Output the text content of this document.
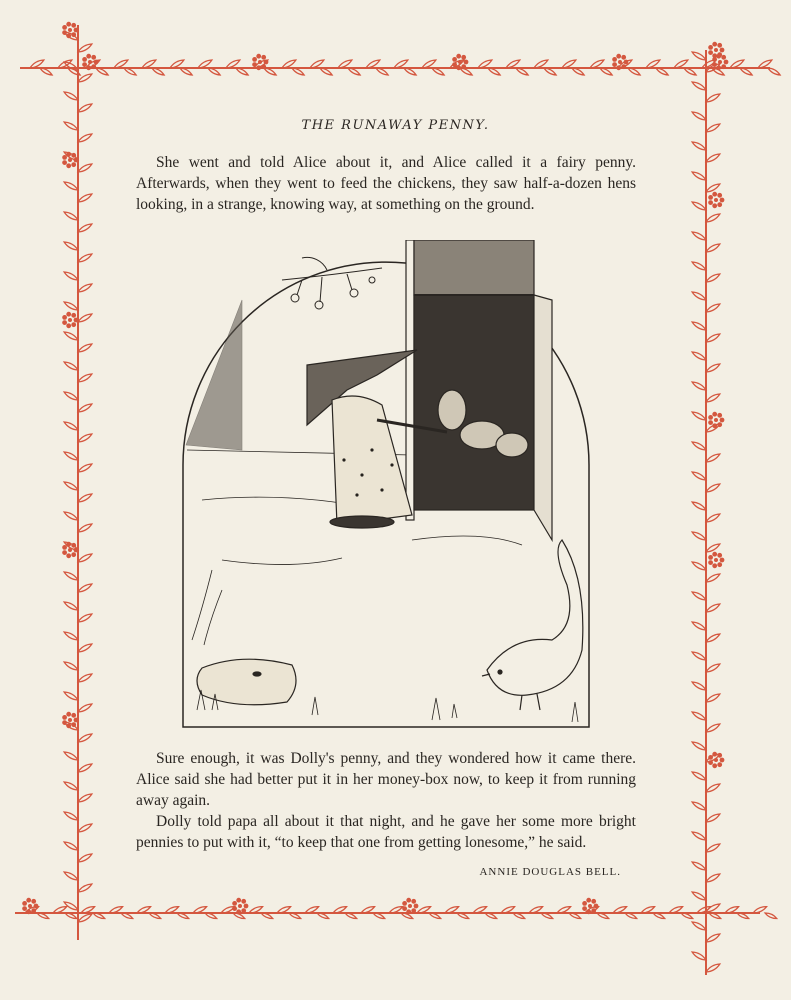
THE RUNAWAY PENNY.

She went and told Alice about it, and Alice called it a fairy penny. Afterwards, when they went to feed the chickens, they saw half-a-dozen hens looking, in a strange, knowing way, at something on the ground.

Sure enough, it was Dolly's penny, and they wondered how it came there. Alice said she had better put it in her money-box now, to keep it from running away again.

Dolly told papa all about it that night, and he gave her some more bright pennies to put with it, “to keep that one from getting lonesome,” he said.

ANNIE DOUGLAS BELL.
